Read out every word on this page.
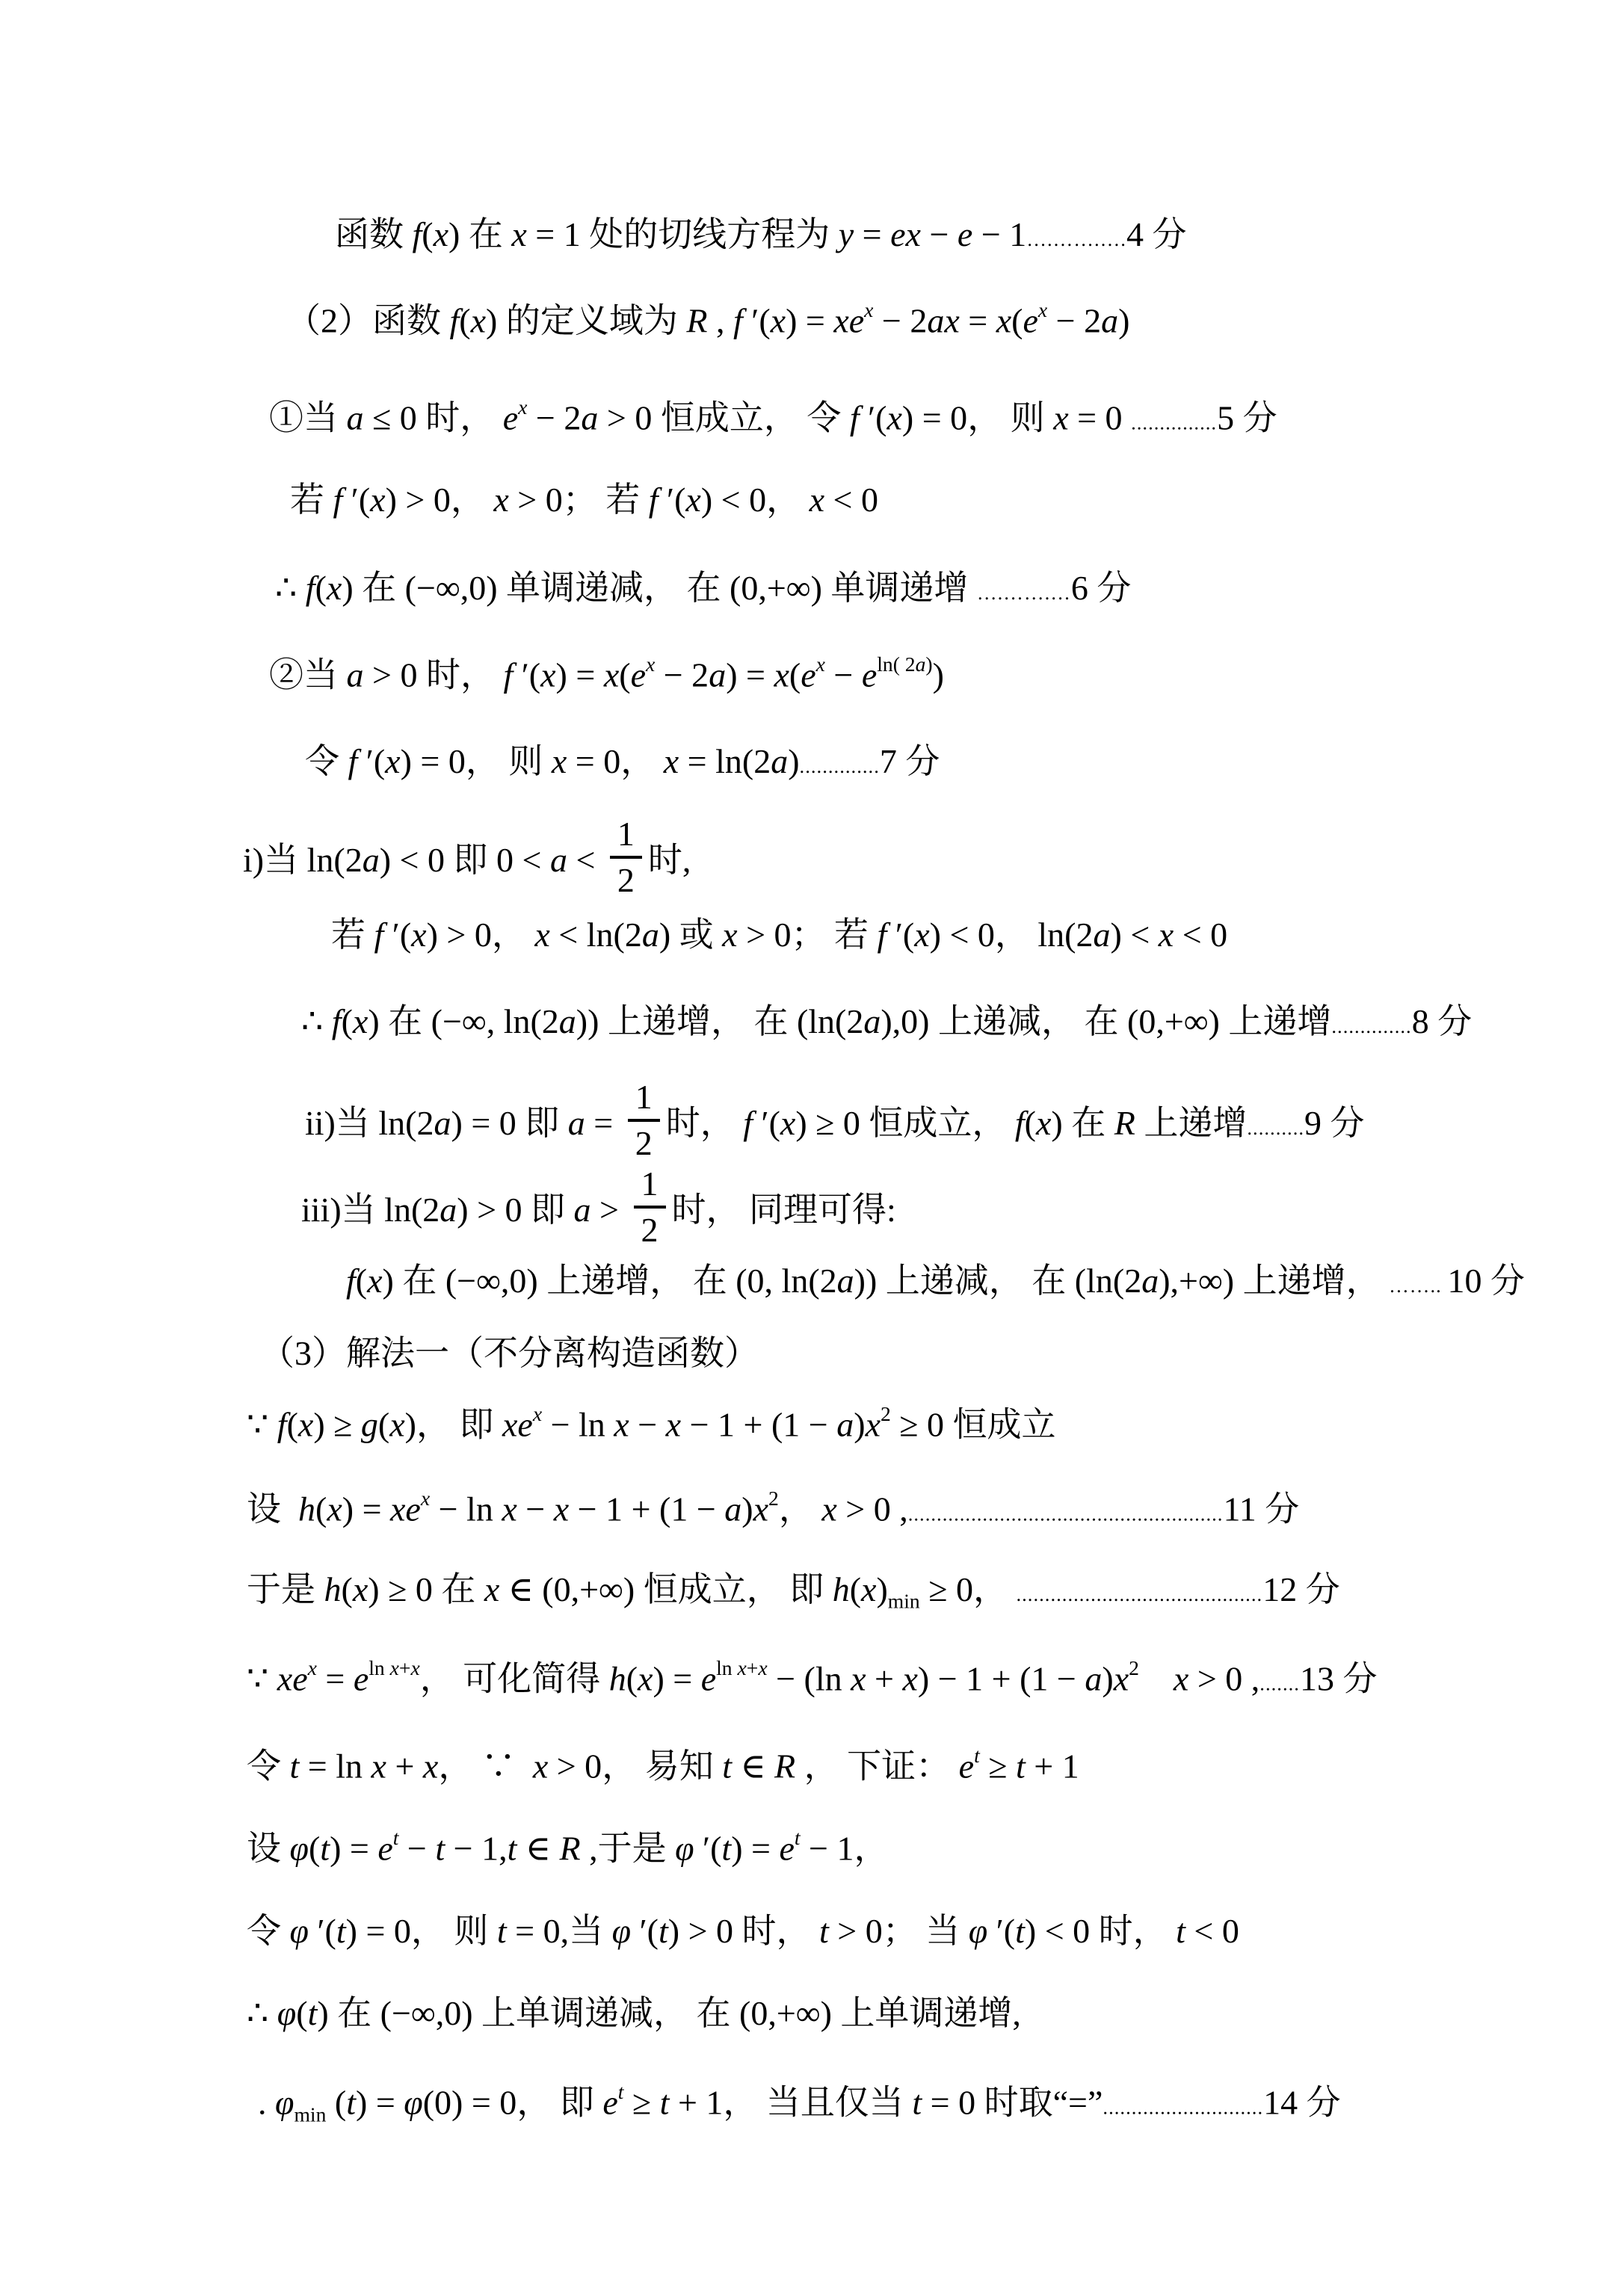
函数 f(x) 在 x = 1 处的切线方程为 y = ex − e − 1….…….….4 分
（2）函数 f(x) 的定义域为 R , f $'(x) = xe^x - 2ax = x(e^x - 2a)$
①当 a ≤ 0 时， $e^x - 2a > 0$ 恒成立， 令 f ′(x) = 0， 则 x = 0 ...............5 分
若 f ′(x) > 0， x > 0； 若 f ′(x) < 0， x < 0
∴ f(x) 在 (−∞,0) 单调递减， 在 (0,+∞) 单调递增 ….…….…6 分
②当 a > 0 时， f $'(x) = x(e^x - 2a) = x(e^x - e^{ln( 2a)})$
令 f ′(x) = 0， 则 x = 0， x = ln(2a)..............7 分
i)当 ln(2a) < 0 即 $0 < a < \frac{1}{2}$ 时,
若 f ′(x) > 0， x < ln(2a) 或 x > 0； 若 f ′(x) < 0， ln(2a) < x < 0
∴ f(x) 在 (−∞, ln(2a)) 上递增， 在 (ln(2a),0) 上递减， 在 (0,+∞) 上递增..............8 分
ii)当 ln(2a) = 0 即 $a = \frac{1}{2}$ 时， f ′(x) ≥ 0 恒成立， f(x) 在 R 上递增..........9 分
iii)当 ln(2a) > 0 即 $a > \frac{1}{2}$ 时， 同理可得:
f(x) 在 (−∞,0) 上递增， 在 (0, ln(2a)) 上递减， 在 (ln(2a),+∞) 上递增， …….. 10 分
（3）解法一（不分离构造函数）
∵ f(x) ≥ g(x)， 即 $xe^x - \ln x - x - 1 + (1 - a)x^2 \ge 0$ 恒成立
设  $h(x) = xe^x - \ln x - x - 1 + (1 - a)x^2$， x > 0 ,.......................................................11 分
于是 h(x) ≥ 0 在 x ∈ (0,+∞) 恒成立， 即 $h(x)_{min} \ge 0$， ...........................................12 分
∵ $xe^x = e^{ln x+x}$， 可化简得 $h(x) = e^{ln x+x} - (\ln$ $x + x) - 1 + (1 - a)x^2$ x > 0 ,.......13 分
令 t = ln x + x， ∵  x > 0， 易知 t ∈ R ， 下证： $e^t \ge t + 1$
设 $\varphi(t) = e^t - t - 1,t$ ∈ R ,于是 φ $'(t) = e^t - 1$，
令 φ ′(t) = 0， 则 t = 0,当 φ ′(t) > 0 时， t > 0； 当 φ ′(t) < 0 时， t < 0
∴ φ(t) 在 (−∞,0) 上单调递减， 在 (0,+∞) 上单调递增,
. $\varphi_{min}$ (t) = φ(0) = 0， 即 $e^t \ge t + 1$， 当且仅当 t = 0 时取“=”............................14 分
